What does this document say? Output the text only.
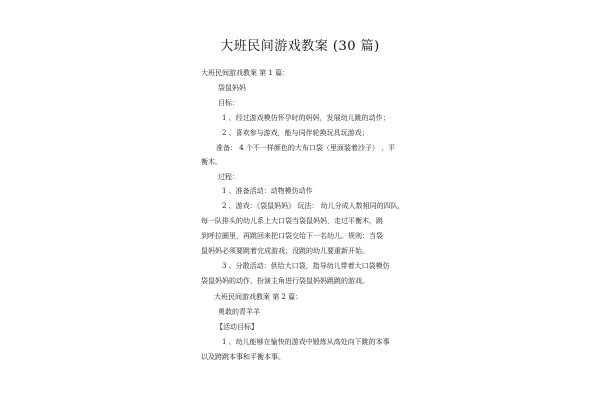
大班民间游戏教案 (30 篇)
大班民间游戏教案 第 1 篇：
袋鼠妈妈
目标：
1 、经过游戏模仿怀孕时的妈妈，发展幼儿跳的动作；
2 、喜欢参与游戏，能与同伴轮换玩具玩游戏；
准备： 4 个不一样颜色的大布口袋（里面装着沙子） 、平
衡木。
过程：
1 、准备活动：动物模仿动作
2 、游戏：《袋鼠妈妈》 玩法： 幼儿分成人数相同的四队，
每一队排头的幼儿系上大口袋当袋鼠妈妈，走过平衡木，跳
到呼拉圈里，再跳回来把口袋交给下一名幼儿。规则：当袋
鼠妈妈必须要跳着完成游戏；没跳的幼儿要重新开始。
3 、分散活动：供给大口袋，指导幼儿带着大口袋模仿
袋鼠妈妈的动作，扮演主角进行袋鼠妈妈跳跳的游戏。
大班民间游戏教案 第 2 篇：
勇敢的青羊羊
【活动目标】
1 、幼儿能够在愉快的游戏中锻炼从高处向下跳的本事
以及跨跳本事和平衡本事。
